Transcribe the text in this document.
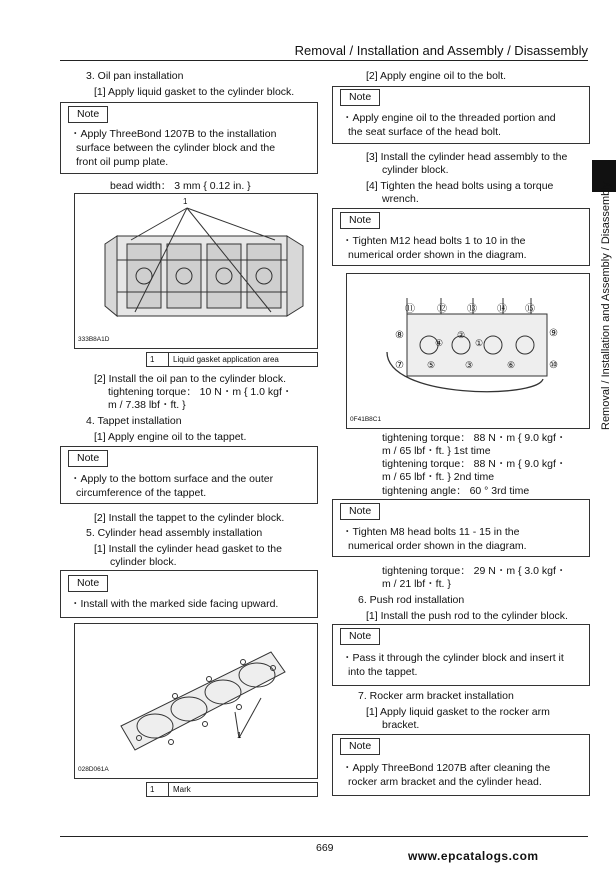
Removal / Installation and Assembly / Disassembly
Removal / Installation and Assembly / Disassembly
3. Oil pan installation
[1] Apply liquid gasket to the cylinder block.
Note
・Apply ThreeBond 1207B to the installation
surface between the cylinder block and the
front oil pump plate.
bead width： 3 mm { 0.12 in. }
1
333B8A1D
1 Liquid gasket application area
[2] Install the oil pan to the cylinder block.
tightening torque： 10 N・m { 1.0 kgf・
m / 7.38 lbf・ft. }
4. Tappet installation
[1] Apply engine oil to the tappet.
Note
・Apply to the bottom surface and the outer
circumference of the tappet.
[2] Install the tappet to the cylinder block.
5. Cylinder head assembly installation
[1] Install the cylinder head gasket to the
cylinder block.
Note
・Install with the marked side facing upward.
1
028D061A
1 Mark
[2] Apply engine oil to the bolt.
Note
・Apply engine oil to the threaded portion and
the seat surface of the head bolt.
[3] Install the cylinder head assembly to the
cylinder block.
[4] Tighten the head bolts using a torque
wrench.
Note
・Tighten M12 head bolts 1 to 10 in the
numerical order shown in the diagram.
⑪ ⑫ ⑬ ⑭ ⑮
⑧
⑦
⑨
⑩
④
②
①
③
⑤	⑥
0F41B8C1
tightening torque： 88 N・m { 9.0 kgf・
m / 65 lbf・ft. } 1st time
tightening torque： 88 N・m { 9.0 kgf・
m / 65 lbf・ft. } 2nd time
tightening angle： 60 ° 3rd time
Note
・Tighten M8 head bolts 11 - 15 in the
numerical order shown in the diagram.
tightening torque： 29 N・m { 3.0 kgf・
m / 21 lbf・ft. }
6. Push rod installation
[1] Install the push rod to the cylinder block.
Note
・Pass it through the cylinder block and insert it
into the tappet.
7. Rocker arm bracket installation
[1] Apply liquid gasket to the rocker arm
bracket.
Note
・Apply ThreeBond 1207B after cleaning the
rocker arm bracket and the cylinder head.
669
www.epcatalogs.com
